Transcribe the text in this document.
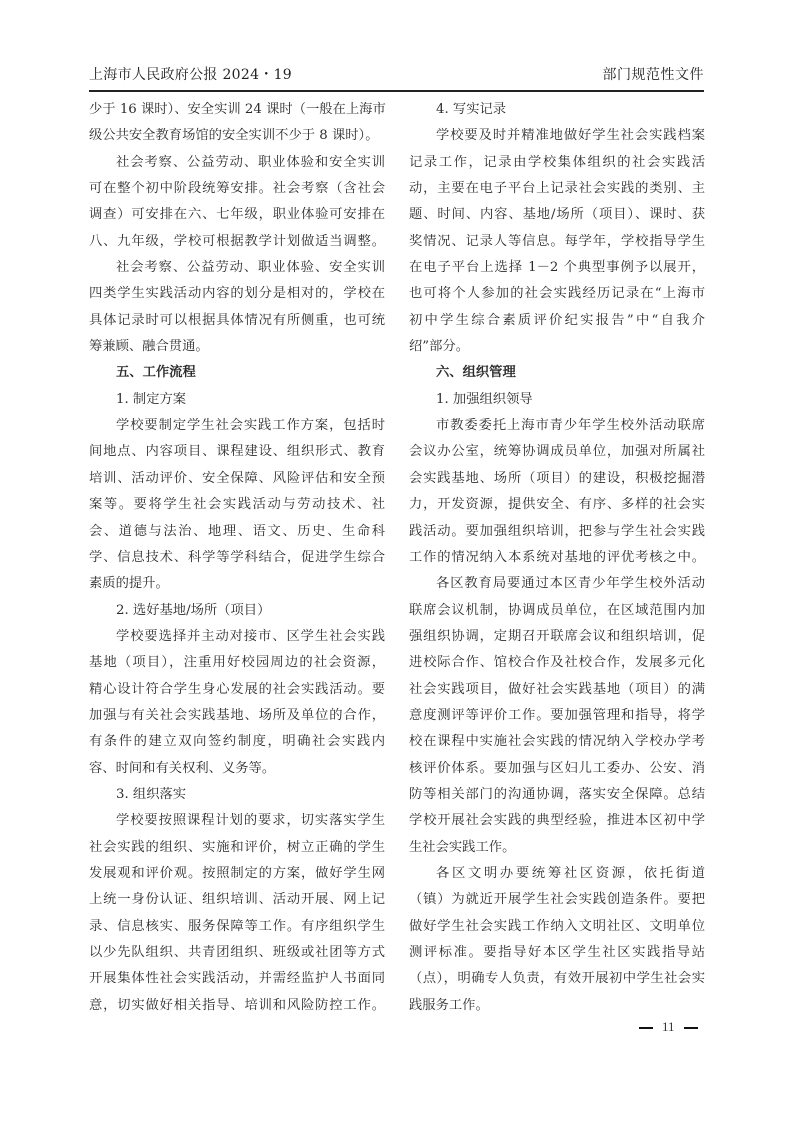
上海市人民政府公报 2024・19	部门规范性文件
少于 16 课时）、安全实训 24 课时（一般在上海市
级公共安全教育场馆的安全实训不少于 8 课时）。
社会考察、公益劳动、职业体验和安全实训
可在整个初中阶段统筹安排。社会考察（含社会
调查）可安排在六、七年级，职业体验可安排在
八、九年级，学校可根据教学计划做适当调整。
社会考察、公益劳动、职业体验、安全实训
四类学生实践活动内容的划分是相对的，学校在
具体记录时可以根据具体情况有所侧重，也可统
筹兼顾、融合贯通。
五、工作流程
1. 制定方案
学校要制定学生社会实践工作方案，包括时
间地点、内容项目、课程建设、组织形式、教育
培训、活动评价、安全保障、风险评估和安全预
案等。要将学生社会实践活动与劳动技术、社
会、道德与法治、地理、语文、历史、生命科
学、信息技术、科学等学科结合，促进学生综合
素质的提升。
2. 选好基地/场所（项目）
学校要选择并主动对接市、区学生社会实践
基地（项目），注重用好校园周边的社会资源，
精心设计符合学生身心发展的社会实践活动。要
加强与有关社会实践基地、场所及单位的合作，
有条件的建立双向签约制度，明确社会实践内
容、时间和有关权利、义务等。
3. 组织落实
学校要按照课程计划的要求，切实落实学生
社会实践的组织、实施和评价，树立正确的学生
发展观和评价观。按照制定的方案，做好学生网
上统一身份认证、组织培训、活动开展、网上记
录、信息核实、服务保障等工作。有序组织学生
以少先队组织、共青团组织、班级或社团等方式
开展集体性社会实践活动，并需经监护人书面同
意，切实做好相关指导、培训和风险防控工作。
4. 写实记录
学校要及时并精准地做好学生社会实践档案
记录工作，记录由学校集体组织的社会实践活
动，主要在电子平台上记录社会实践的类别、主
题、时间、内容、基地/场所（项目）、课时、获
奖情况、记录人等信息。每学年，学校指导学生
在电子平台上选择 1－2 个典型事例予以展开，
也可将个人参加的社会实践经历记录在“上海市
初中学生综合素质评价纪实报告”中“自我介
绍”部分。
六、组织管理
1. 加强组织领导
市教委委托上海市青少年学生校外活动联席
会议办公室，统筹协调成员单位，加强对所属社
会实践基地、场所（项目）的建设，积极挖掘潜
力，开发资源，提供安全、有序、多样的社会实
践活动。要加强组织培训，把参与学生社会实践
工作的情况纳入本系统对基地的评优考核之中。
各区教育局要通过本区青少年学生校外活动
联席会议机制，协调成员单位，在区域范围内加
强组织协调，定期召开联席会议和组织培训，促
进校际合作、馆校合作及社校合作，发展多元化
社会实践项目，做好社会实践基地（项目）的满
意度测评等评价工作。要加强管理和指导，将学
校在课程中实施社会实践的情况纳入学校办学考
核评价体系。要加强与区妇儿工委办、公安、消
防等相关部门的沟通协调，落实安全保障。总结
学校开展社会实践的典型经验，推进本区初中学
生社会实践工作。
各区文明办要统筹社区资源，依托街道
（镇）为就近开展学生社会实践创造条件。要把
做好学生社会实践工作纳入文明社区、文明单位
测评标准。要指导好本区学生社区实践指导站
（点），明确专人负责，有效开展初中学生社会实
践服务工作。
11
